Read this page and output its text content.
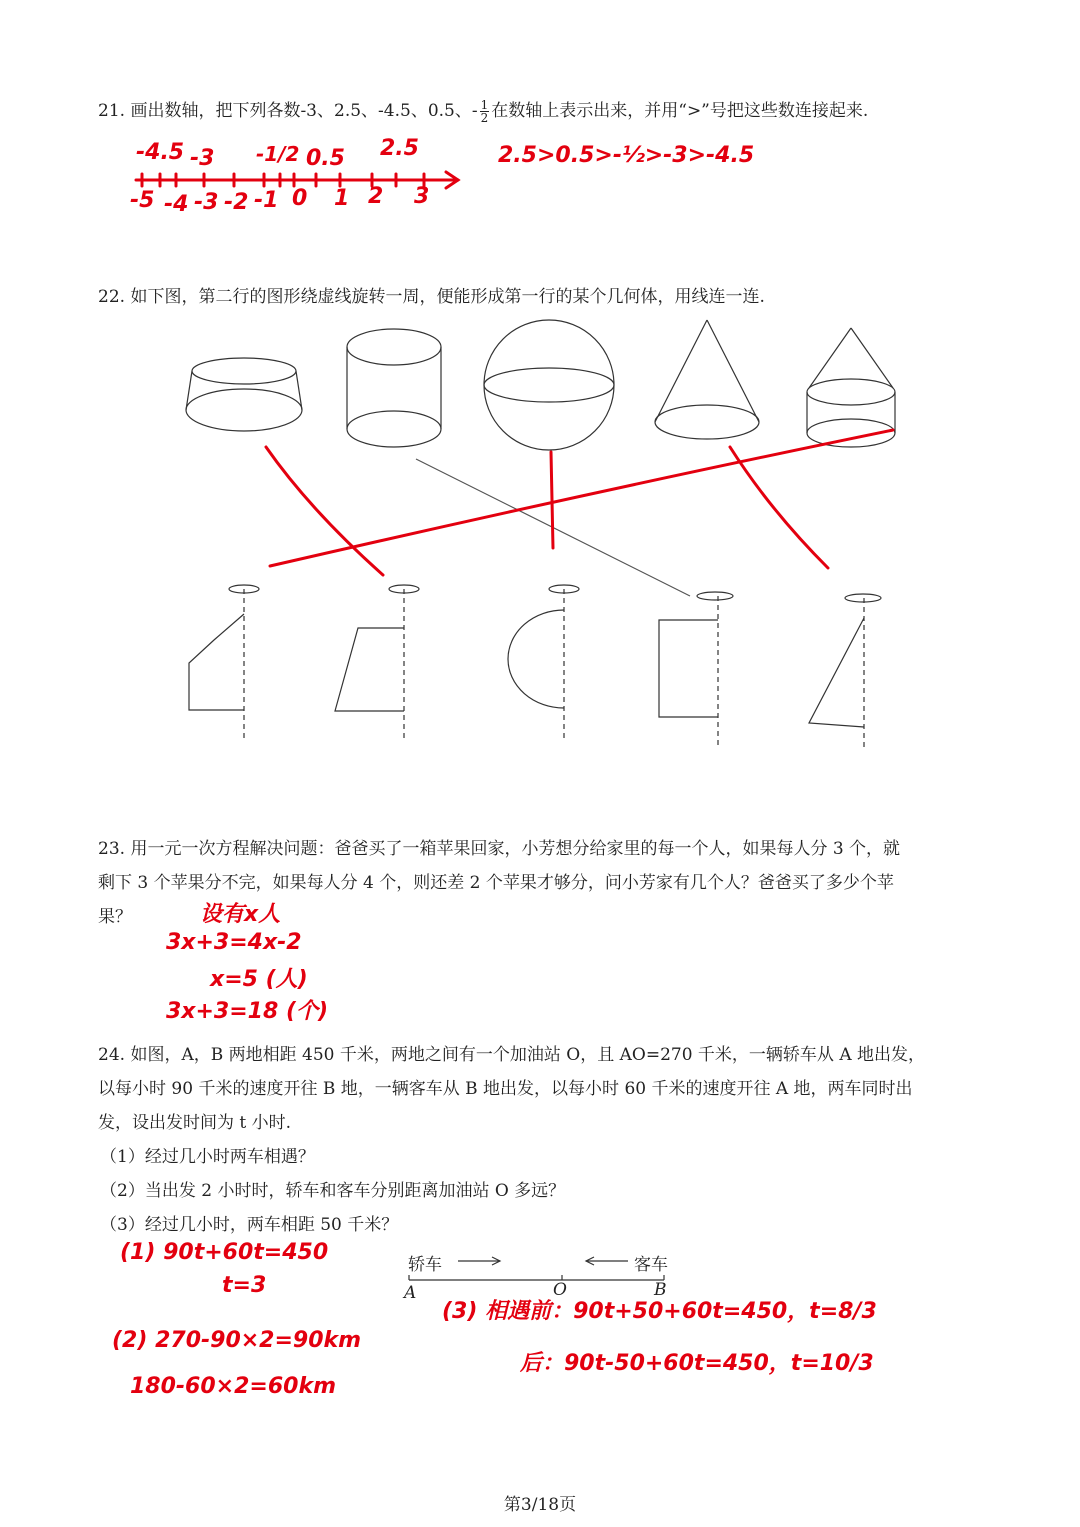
21. 画出数轴，把下列各数-3、2.5、-4.5、0.5、- $\frac{1}{2}$ 在数轴上表示出来，并用“>”号把这些数连接起来.
-4.5 -3 -1/2 0.5 2.5
-5 -4 -3 -2 -1 0 1 2 3
2.5>0.5>-½>-3>-4.5
22. 如下图，第二行的图形绕虚线旋转一周，便能形成第一行的某个几何体，用线连一连.
23. 用一元一次方程解决问题：爸爸买了一箱苹果回家，小芳想分给家里的每一个人，如果每人分 3 个，就
剩下 3 个苹果分不完，如果每人分 4 个，则还差 2 个苹果才够分，问小芳家有几个人？爸爸买了多少个苹
果？	设有x人
3x+3=4x-2
x=5 (人)
3x+3=18 (个)
24. 如图，A，B 两地相距 450 千米，两地之间有一个加油站 O，且 AO=270 千米，一辆轿车从 A 地出发，
以每小时 90 千米的速度开往 B 地，一辆客车从 B 地出发，以每小时 60 千米的速度开往 A 地，两车同时出
发，设出发时间为 t 小时.
（1）经过几小时两车相遇？
（2）当出发 2 小时时，轿车和客车分别距离加油站 O 多远？
（3）经过几小时，两车相距 50 千米？
轿车	客车
A	O	B
(1) 90t+60t=450
t=3
(2) 270-90×2=90km
180-60×2=60km
(3) 相遇前：90t+50+60t=450，t=8/3
后：90t-50+60t=450，t=10/3
第3/18页
